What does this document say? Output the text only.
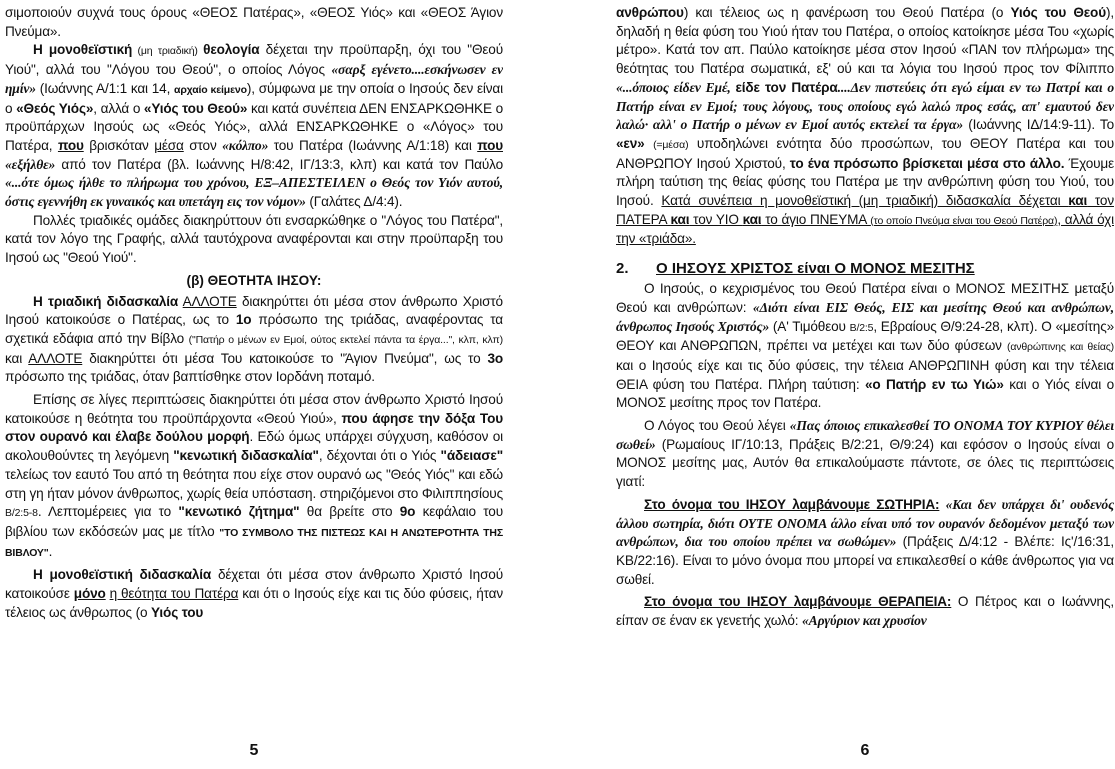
σιμοποιούν συχνά τους όρους «ΘΕΟΣ Πατέρας», «ΘΕΟΣ Υιός» και «ΘΕΟΣ Άγιον Πνεύμα».

Η μονοθεϊστική (μη τριαδική) θεολογία δέχεται την προϋπαρξη, όχι του "Θεού Υιού", αλλά του "Λόγου του Θεού", ο οποίος Λόγος «σαρξ εγένετο....εσκήνωσεν εν ημίν» (Ιωάννης Α/1:1 και 14, αρχαίο κείμενο), σύμφωνα με την οποία ο Ιησούς δεν είναι ο «Θεός Υιός», αλλά ο «Υιός του Θεού» και κατά συνέπεια ΔΕΝ ΕΝΣΑΡΚΩΘΗΚΕ ο προϋπάρχων Ιησούς ως «Θεός Υιός», αλλά ΕΝΣΑΡΚΩΘΗΚΕ ο «Λόγος» του Πατέρα, που βρισκόταν μέσα στον «κόλπο» του Πατέρα (Ιωάννης Α/1:18) και που «εξήλθε» από τον Πατέρα (βλ. Ιωάννης Η/8:42, ΙΓ/13:3, κλπ) και κατά τον Παύλο «...ότε όμως ήλθε το πλήρωμα του χρόνου, ΕΞ–ΑΠΕΣΤΕΙΛΕΝ ο Θεός τον Υιόν αυτού, όστις εγεννήθη εκ γυναικός και υπετάγη εις τον νόμον» (Γαλάτες Δ/4:4).

Πολλές τριαδικές ομάδες διακηρύττουν ότι ενσαρκώθηκε ο "Λόγος του Πατέρα", κατά τον λόγο της Γραφής, αλλά ταυτόχρονα αναφέρονται και στην προϋπαρξη του Ιησού ως "Θεού Υιού".

(β) ΘΕΟΤΗΤΑ ΙΗΣΟΥ:

Η τριαδική διδασκαλία ΑΛΛΟΤΕ διακηρύττει ότι μέσα στον άνθρωπο Χριστό Ιησού κατοικούσε ο Πατέρας, ως το 1ο πρόσωπο της τριάδας, αναφέροντας τα σχετικά εδάφια από την Βίβλο ("Πατήρ ο μένων εν Εμοί, ούτος εκτελεί πάντα τα έργα...", κλπ, κλπ) και ΑΛΛΟΤΕ διακηρύττει ότι μέσα Του κατοικούσε το "Άγιον Πνεύμα", ως το 3ο πρόσωπο της τριάδας, όταν βαπτίσθηκε στον Ιορδάνη ποταμό.

Επίσης σε λίγες περιπτώσεις διακηρύττει ότι μέσα στον άνθρωπο Χριστό Ιησού κατοικούσε η θεότητα του προϋπάρχοντα «Θεού Υιού», που άφησε την δόξα Του στον ουρανό και έλαβε δούλου μορφή. Εδώ όμως υπάρχει σύγχυση, καθόσον οι ακολουθούντες τη λεγόμενη "κενωτική διδασκαλία", δέχονται ότι ο Υιός "άδειασε" τελείως τον εαυτό Του από τη θεότητα που είχε στον ουρανό ως "Θεός Υιός" και εδώ στη γη ήταν μόνον άνθρωπος, χωρίς θεία υπόσταση. στηριζόμενοι στο Φιλιππησίους Β/2:5-8. Λεπτομέρειες για το "κενωτικό ζήτημα" θα βρείτε στο 9ο κεφάλαιο του βιβλίου των εκδόσεών μας με τίτλο "ΤΟ ΣΥΜΒΟΛΟ ΤΗΣ ΠΙΣΤΕΩΣ ΚΑΙ Η ΑΝΩΤΕΡΟΤΗΤΑ ΤΗΣ ΒΙΒΛΟΥ".

Η μονοθεϊστική διδασκαλία δέχεται ότι μέσα στον άνθρωπο Χριστό Ιησού κατοικούσε μόνο η θεότητα του Πατέρα και ότι ο Ιησούς είχε και τις δύο φύσεις, ήταν τέλειος ως άνθρωπος (ο Υιός του

5

ανθρώπου) και τέλειος ως η φανέρωση του Θεού Πατέρα (ο Υιός του Θεού), δηλαδή η θεία φύση του Υιού ήταν του Πατέρα, ο οποίος κατοίκησε μέσα Του «χωρίς μέτρο». Κατά τον απ. Παύλο κατοίκησε μέσα στον Ιησού «ΠΑΝ τον πλήρωμα» της θεότητας του Πατέρα σωματικά, εξ' ού και τα λόγια του Ιησού προς τον Φίλιππο «...όποιος είδεν Εμέ, είδε τον Πατέρα....Δεν πιστεύεις ότι εγώ είμαι εν τω Πατρί και ο Πατήρ είναι εν Εμοί; τους λόγους, τους οποίους εγώ λαλώ προς εσάς, απ' εμαυτού δεν λαλώ· αλλ' ο Πατήρ ο μένων εν Εμοί αυτός εκτελεί τα έργα» (Ιωάννης ΙΔ/14:9-11). Το «εν» (=μέσα) υποδηλώνει ενότητα δύο προσώπων, του ΘΕΟΥ Πατέρα και του ΑΝΘΡΩΠΟΥ Ιησού Χριστού, το ένα πρόσωπο βρίσκεται μέσα στο άλλο. Έχουμε πλήρη ταύτιση της θείας φύσης του Πατέρα με την ανθρώπινη φύση του Υιού, του Ιησού. Κατά συνέπεια η μονοθεϊστική (μη τριαδική) διδασκαλία δέχεται και τον ΠΑΤΕΡΑ και τον ΥΙΟ και το άγιο ΠΝΕΥΜΑ (το οποίο Πνεύμα είναι του Θεού Πατέρα), αλλά όχι την «τριάδα».

2. Ο ΙΗΣΟΥΣ ΧΡΙΣΤΟΣ είναι Ο ΜΟΝΟΣ ΜΕΣΙΤΗΣ

Ο Ιησούς, ο κεχρισμένος του Θεού Πατέρα είναι ο ΜΟΝΟΣ ΜΕΣΙΤΗΣ μεταξύ Θεού και ανθρώπων: «Διότι είναι ΕΙΣ Θεός, ΕΙΣ και μεσίτης Θεού και ανθρώπων, άνθρωπος Ιησούς Χριστός» (Α' Τιμόθεου Β/2:5, Εβραίους Θ/9:24-28, κλπ). Ο «μεσίτης» ΘΕΟΥ και ΑΝΘΡΩΠΩΝ, πρέπει να μετέχει και των δύο φύσεων (ανθρώπινης και θείας) και ο Ιησούς είχε και τις δύο φύσεις, την τέλεια ΑΝΘΡΩΠΙΝΗ φύση και την τέλεια ΘΕΙΑ φύση του Πατέρα. Πλήρη ταύτιση: «ο Πατήρ εν τω Υιώ» και ο Υιός είναι ο ΜΟΝΟΣ μεσίτης προς τον Πατέρα.

Ο Λόγος του Θεού λέγει «Πας όποιος επικαλεσθεί ΤΟ ΟΝΟΜΑ ΤΟΥ ΚΥΡΙΟΥ θέλει σωθεί» (Ρωμαίους ΙΓ/10:13, Πράξεις Β/2:21, Θ/9:24) και εφόσον ο Ιησούς είναι ο ΜΟΝΟΣ μεσίτης μας, Αυτόν θα επικαλούμαστε πάντοτε, σε όλες τις περιπτώσεις γιατί:

Στο όνομα του ΙΗΣΟΥ λαμβάνουμε ΣΩΤΗΡΙΑ: «Και δεν υπάρχει δι' ουδενός άλλου σωτηρία, διότι ΟΥΤΕ ΟΝΟΜΑ άλλο είναι υπό τον ουρανόν δεδομένον μεταξύ των ανθρώπων, δια του οποίου πρέπει να σωθώμεν» (Πράξεις Δ/4:12 - Βλέπε: Ις'/16:31, ΚΒ/22:16). Είναι το μόνο όνομα που μπορεί να επικαλεσθεί ο κάθε άνθρωπος για να σωθεί.

Στο όνομα του ΙΗΣΟΥ λαμβάνουμε ΘΕΡΑΠΕΙΑ: Ο Πέτρος και ο Ιωάννης, είπαν σε έναν εκ γενετής χωλό: «Αργύριον και χρυσίον

6
